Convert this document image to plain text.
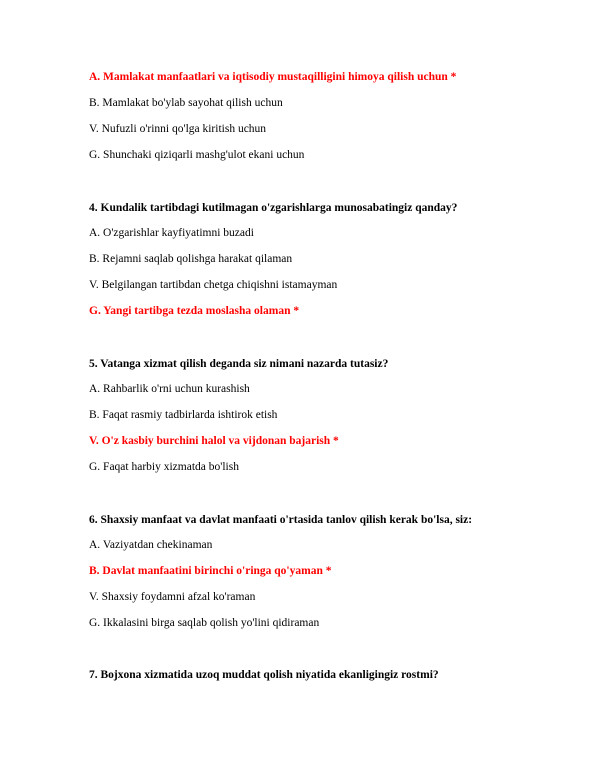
A. Mamlakat manfaatlari va iqtisodiy mustaqilligini himoya qilish uchun *
B. Mamlakat bo'ylab sayohat qilish uchun
V. Nufuzli o'rinni qo'lga kiritish uchun
G. Shunchaki qiziqarli mashg'ulot ekani uchun
4. Kundalik tartibdagi kutilmagan o'zgarishlarga munosabatingiz qanday?
A. O'zgarishlar kayfiyatimni buzadi
B. Rejamni saqlab qolishga harakat qilaman
V. Belgilangan tartibdan chetga chiqishni istamayman
G. Yangi tartibga tezda moslasha olaman *
5. Vatanga xizmat qilish deganda siz nimani nazarda tutasiz?
A. Rahbarlik o'rni uchun kurashish
B. Faqat rasmiy tadbirlarda ishtirok etish
V. O'z kasbiy burchini halol va vijdonan bajarish *
G. Faqat harbiy xizmatda bo'lish
6. Shaxsiy manfaat va davlat manfaati o'rtasida tanlov qilish kerak bo'lsa, siz:
A. Vaziyatdan chekinaman
B. Davlat manfaatini birinchi o'ringa qo'yaman *
V. Shaxsiy foydamni afzal ko'raman
G. Ikkalasini birga saqlab qolish yo'lini qidiraman
7. Bojxona xizmatida uzoq muddat qolish niyatida ekanligingiz rostmi?
